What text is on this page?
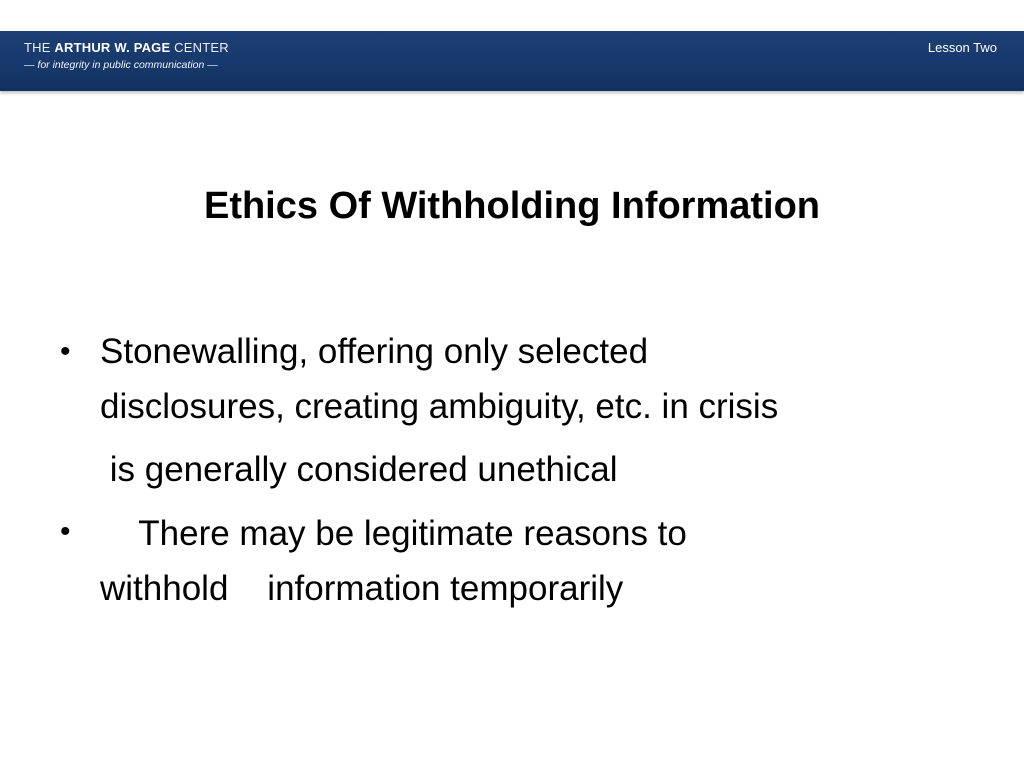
THE ARTHUR W. PAGE CENTER
— for integrity in public communication —
Lesson Two
Ethics Of Withholding Information
• Stonewalling, offering only selected
disclosures, creating ambiguity, etc. in crisis
is generally considered unethical
• There may be legitimate reasons to
withhold    information temporarily
